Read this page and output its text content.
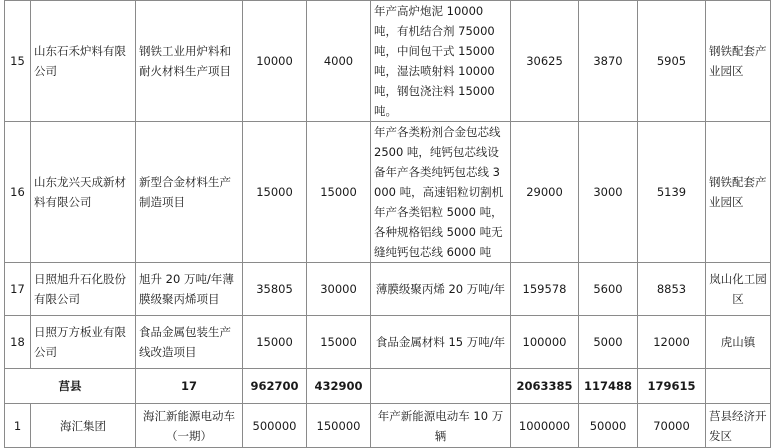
15	山东石禾炉料有限公司	钢铁工业用炉料和耐火材料生产项目	10000	4000	年产高炉炮泥 10000 吨，有机结合剂 75000 吨，中间包干式 15000 吨，湿法喷射料 10000 吨，钢包浇注料 15000 吨。	30625	3870	5905	钢铁配套产业园区
16	山东龙兴天成新材料有限公司	新型合金材料生产制造项目	15000	15000	年产各类粉剂合金包芯线 2500 吨，纯钙包芯线设备年产各类纯钙包芯线 3000 吨，高速铝粒切割机年产各类铝粒 5000 吨，各种规格铝线 5000 吨无缝纯钙包芯线 6000 吨	29000	3000	5139	钢铁配套产业园区
17	日照旭升石化股份有限公司	旭升 20 万吨/年薄膜级聚丙烯项目	35805	30000	薄膜级聚丙烯 20 万吨/年	159578	5600	8853	岚山化工园区
18	日照万方板业有限公司	食品金属包装生产线改造项目	15000	15000	食品金属材料 15 万吨/年	100000	5000	12000	虎山镇
莒县		17	962700	432900		2063385	117488	179615	
1	海汇集团	海汇新能源电动车（一期）	500000	150000	年产新能源电动车 10 万辆	1000000	50000	70000	莒县经济开发区
